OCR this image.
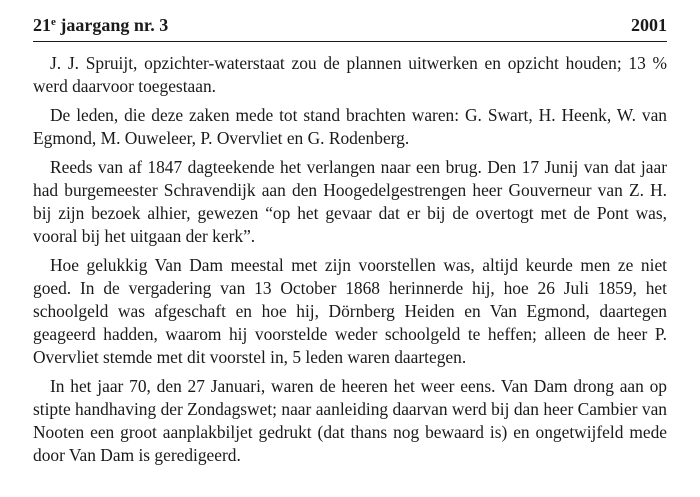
21e jaargang nr. 3	2001

J. J. Spruijt, opzichter-waterstaat zou de plannen uitwerken en opzicht houden; 13 % werd daarvoor toegestaan.

De leden, die deze zaken mede tot stand brachten waren: G. Swart, H. Heenk, W. van Egmond, M. Ouweleer, P. Overvliet en G. Rodenberg.

Reeds van af 1847 dagteekende het verlangen naar een brug. Den 17 Junij van dat jaar had burgemeester Schravendijk aan den Hoogedelgestrengen heer Gouverneur van Z. H. bij zijn bezoek alhier, gewezen “op het gevaar dat er bij de overtogt met de Pont was, vooral bij het uitgaan der kerk”.

Hoe gelukkig Van Dam meestal met zijn voorstellen was, altijd keurde men ze niet goed. In de vergadering van 13 October 1868 herinnerde hij, hoe 26 Juli 1859, het schoolgeld was afgeschaft en hoe hij, Dörnberg Heiden en Van Egmond, daartegen geageerd hadden, waarom hij voorstelde weder schoolgeld te heffen; alleen de heer P. Overvliet stemde met dit voorstel in, 5 leden waren daartegen.

In het jaar 70, den 27 Januari, waren de heeren het weer eens. Van Dam drong aan op stipte handhaving der Zondagswet; naar aanleiding daarvan werd bij dan heer Cambier van Nooten een groot aanplakbiljet gedrukt (dat thans nog bewaard is) en ongetwijfeld mede door Van Dam is geredigeerd.
